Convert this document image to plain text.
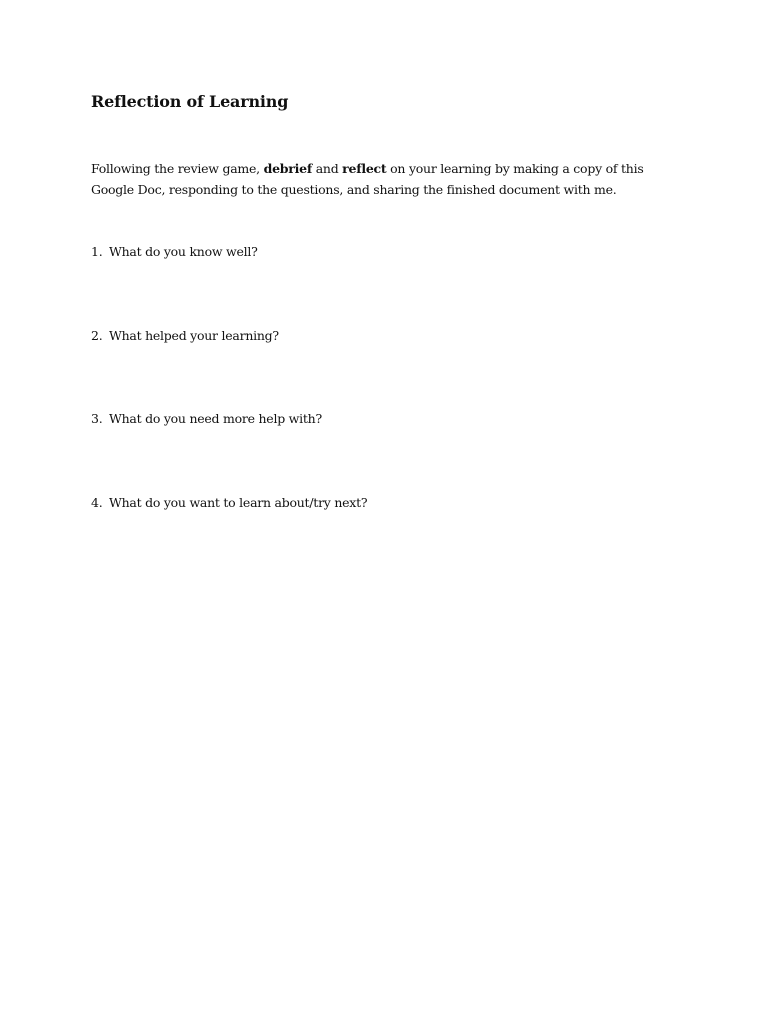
Reflection of Learning

Following the review game, debrief and reflect on your learning by making a copy of this Google Doc, responding to the questions, and sharing the finished document with me.

1. What do you know well?

2. What helped your learning?

3. What do you need more help with?

4. What do you want to learn about/try next?
